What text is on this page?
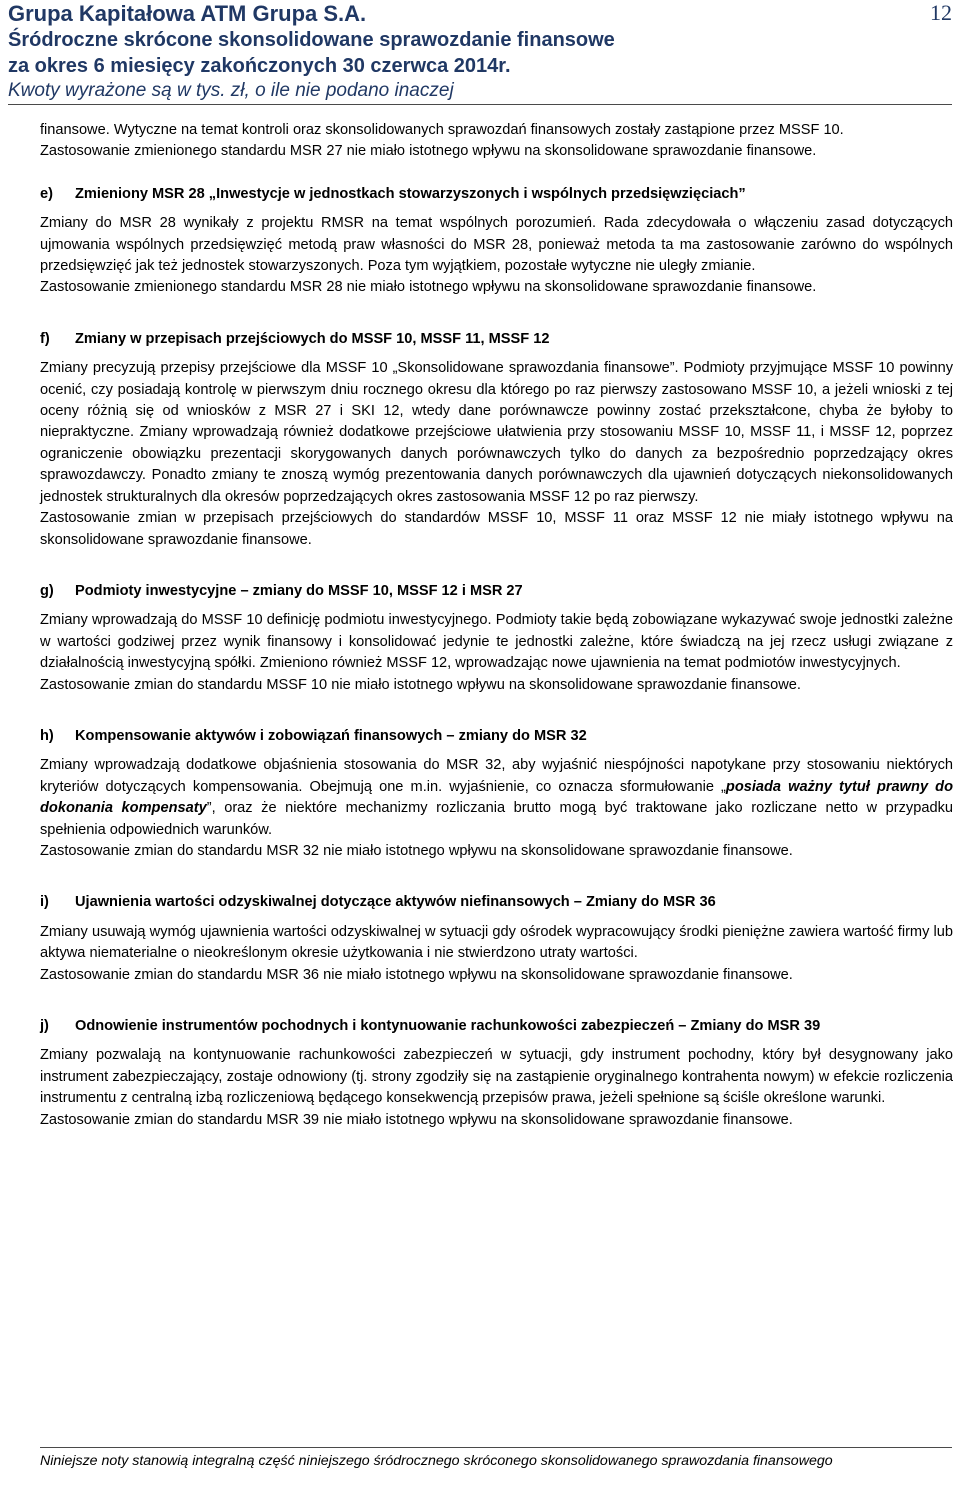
Grupa Kapitałowa ATM Grupa S.A.
Śródroczne skrócone skonsolidowane sprawozdanie finansowe
za okres 6 miesięcy zakończonych 30 czerwca 2014r.
Kwoty wyrażone są w tys. zł, o ile nie podano inaczej
12

finansowe. Wytyczne na temat kontroli oraz skonsolidowanych sprawozdań finansowych zostały zastąpione przez MSSF 10.

Zastosowanie zmienionego standardu MSR 27 nie miało istotnego wpływu na skonsolidowane sprawozdanie finansowe.

e)	Zmieniony MSR 28 „Inwestycje w jednostkach stowarzyszonych i wspólnych przedsięwzięciach”

Zmiany do MSR 28 wynikały z projektu RMSR na temat wspólnych porozumień. Rada zdecydowała o włączeniu zasad dotyczących ujmowania wspólnych przedsięwzięć metodą praw własności do MSR 28, ponieważ metoda ta ma zastosowanie zarówno do wspólnych przedsięwzięć jak też jednostek stowarzyszonych. Poza tym wyjątkiem, pozostałe wytyczne nie uległy zmianie.

Zastosowanie zmienionego standardu MSR 28 nie miało istotnego wpływu na skonsolidowane sprawozdanie finansowe.

f)	Zmiany w przepisach przejściowych do MSSF 10, MSSF 11, MSSF 12

Zmiany precyzują przepisy przejściowe dla MSSF 10 „Skonsolidowane sprawozdania finansowe”. Podmioty przyjmujące MSSF 10 powinny ocenić, czy posiadają kontrolę w pierwszym dniu rocznego okresu dla którego po raz pierwszy zastosowano MSSF 10, a jeżeli wnioski z tej oceny różnią się od wniosków z MSR 27 i SKI 12, wtedy dane porównawcze powinny zostać przekształcone, chyba że byłoby to niepraktyczne. Zmiany wprowadzają również dodatkowe przejściowe ułatwienia przy stosowaniu MSSF 10, MSSF 11, i MSSF 12, poprzez ograniczenie obowiązku prezentacji skorygowanych danych porównawczych tylko do danych za bezpośrednio poprzedzający okres sprawozdawczy. Ponadto zmiany te znoszą wymóg prezentowania danych porównawczych dla ujawnień dotyczących niekonsolidowanych jednostek strukturalnych dla okresów poprzedzających okres zastosowania MSSF 12 po raz pierwszy.

Zastosowanie zmian w przepisach przejściowych do standardów MSSF 10, MSSF 11 oraz MSSF 12 nie miały istotnego wpływu na skonsolidowane sprawozdanie finansowe.

g)	Podmioty inwestycyjne – zmiany do MSSF 10, MSSF 12 i MSR 27

Zmiany wprowadzają do MSSF 10 definicję podmiotu inwestycyjnego. Podmioty takie będą zobowiązane wykazywać swoje jednostki zależne w wartości godziwej przez wynik finansowy i konsolidować jedynie te jednostki zależne, które świadczą na jej rzecz usługi związane z działalnością inwestycyjną spółki. Zmieniono również MSSF 12, wprowadzając nowe ujawnienia na temat podmiotów inwestycyjnych.

Zastosowanie zmian do standardu MSSF 10 nie miało istotnego wpływu na skonsolidowane sprawozdanie finansowe.

h)	Kompensowanie aktywów i zobowiązań finansowych – zmiany do MSR 32

Zmiany wprowadzają dodatkowe objaśnienia stosowania do MSR 32, aby wyjaśnić niespójności napotykane przy stosowaniu niektórych kryteriów dotyczących kompensowania. Obejmują one m.in. wyjaśnienie, co oznacza sformułowanie „posiada ważny tytuł prawny do dokonania kompensaty”, oraz że niektóre mechanizmy rozliczania brutto mogą być traktowane jako rozliczane netto w przypadku spełnienia odpowiednich warunków.

Zastosowanie zmian do standardu MSR 32 nie miało istotnego wpływu na skonsolidowane sprawozdanie finansowe.

i)	Ujawnienia wartości odzyskiwalnej dotyczące aktywów niefinansowych – Zmiany do MSR 36

Zmiany usuwają wymóg ujawnienia wartości odzyskiwalnej w sytuacji gdy ośrodek wypracowujący środki pieniężne zawiera wartość firmy lub aktywa niematerialne o nieokreślonym okresie użytkowania i nie stwierdzono utraty wartości.

Zastosowanie zmian do standardu MSR 36 nie miało istotnego wpływu na skonsolidowane sprawozdanie finansowe.

j)	Odnowienie instrumentów pochodnych i kontynuowanie rachunkowości zabezpieczeń – Zmiany do MSR 39

Zmiany pozwalają na kontynuowanie rachunkowości zabezpieczeń w sytuacji, gdy instrument pochodny, który był desygnowany jako instrument zabezpieczający, zostaje odnowiony (tj. strony zgodziły się na zastąpienie oryginalnego kontrahenta nowym) w efekcie rozliczenia instrumentu z centralną izbą rozliczeniową będącego konsekwencją przepisów prawa, jeżeli spełnione są ściśle określone warunki.

Zastosowanie zmian do standardu MSR 39 nie miało istotnego wpływu na skonsolidowane sprawozdanie finansowe.

Niniejsze noty stanowią integralną część niniejszego śródrocznego skróconego skonsolidowanego sprawozdania finansowego
